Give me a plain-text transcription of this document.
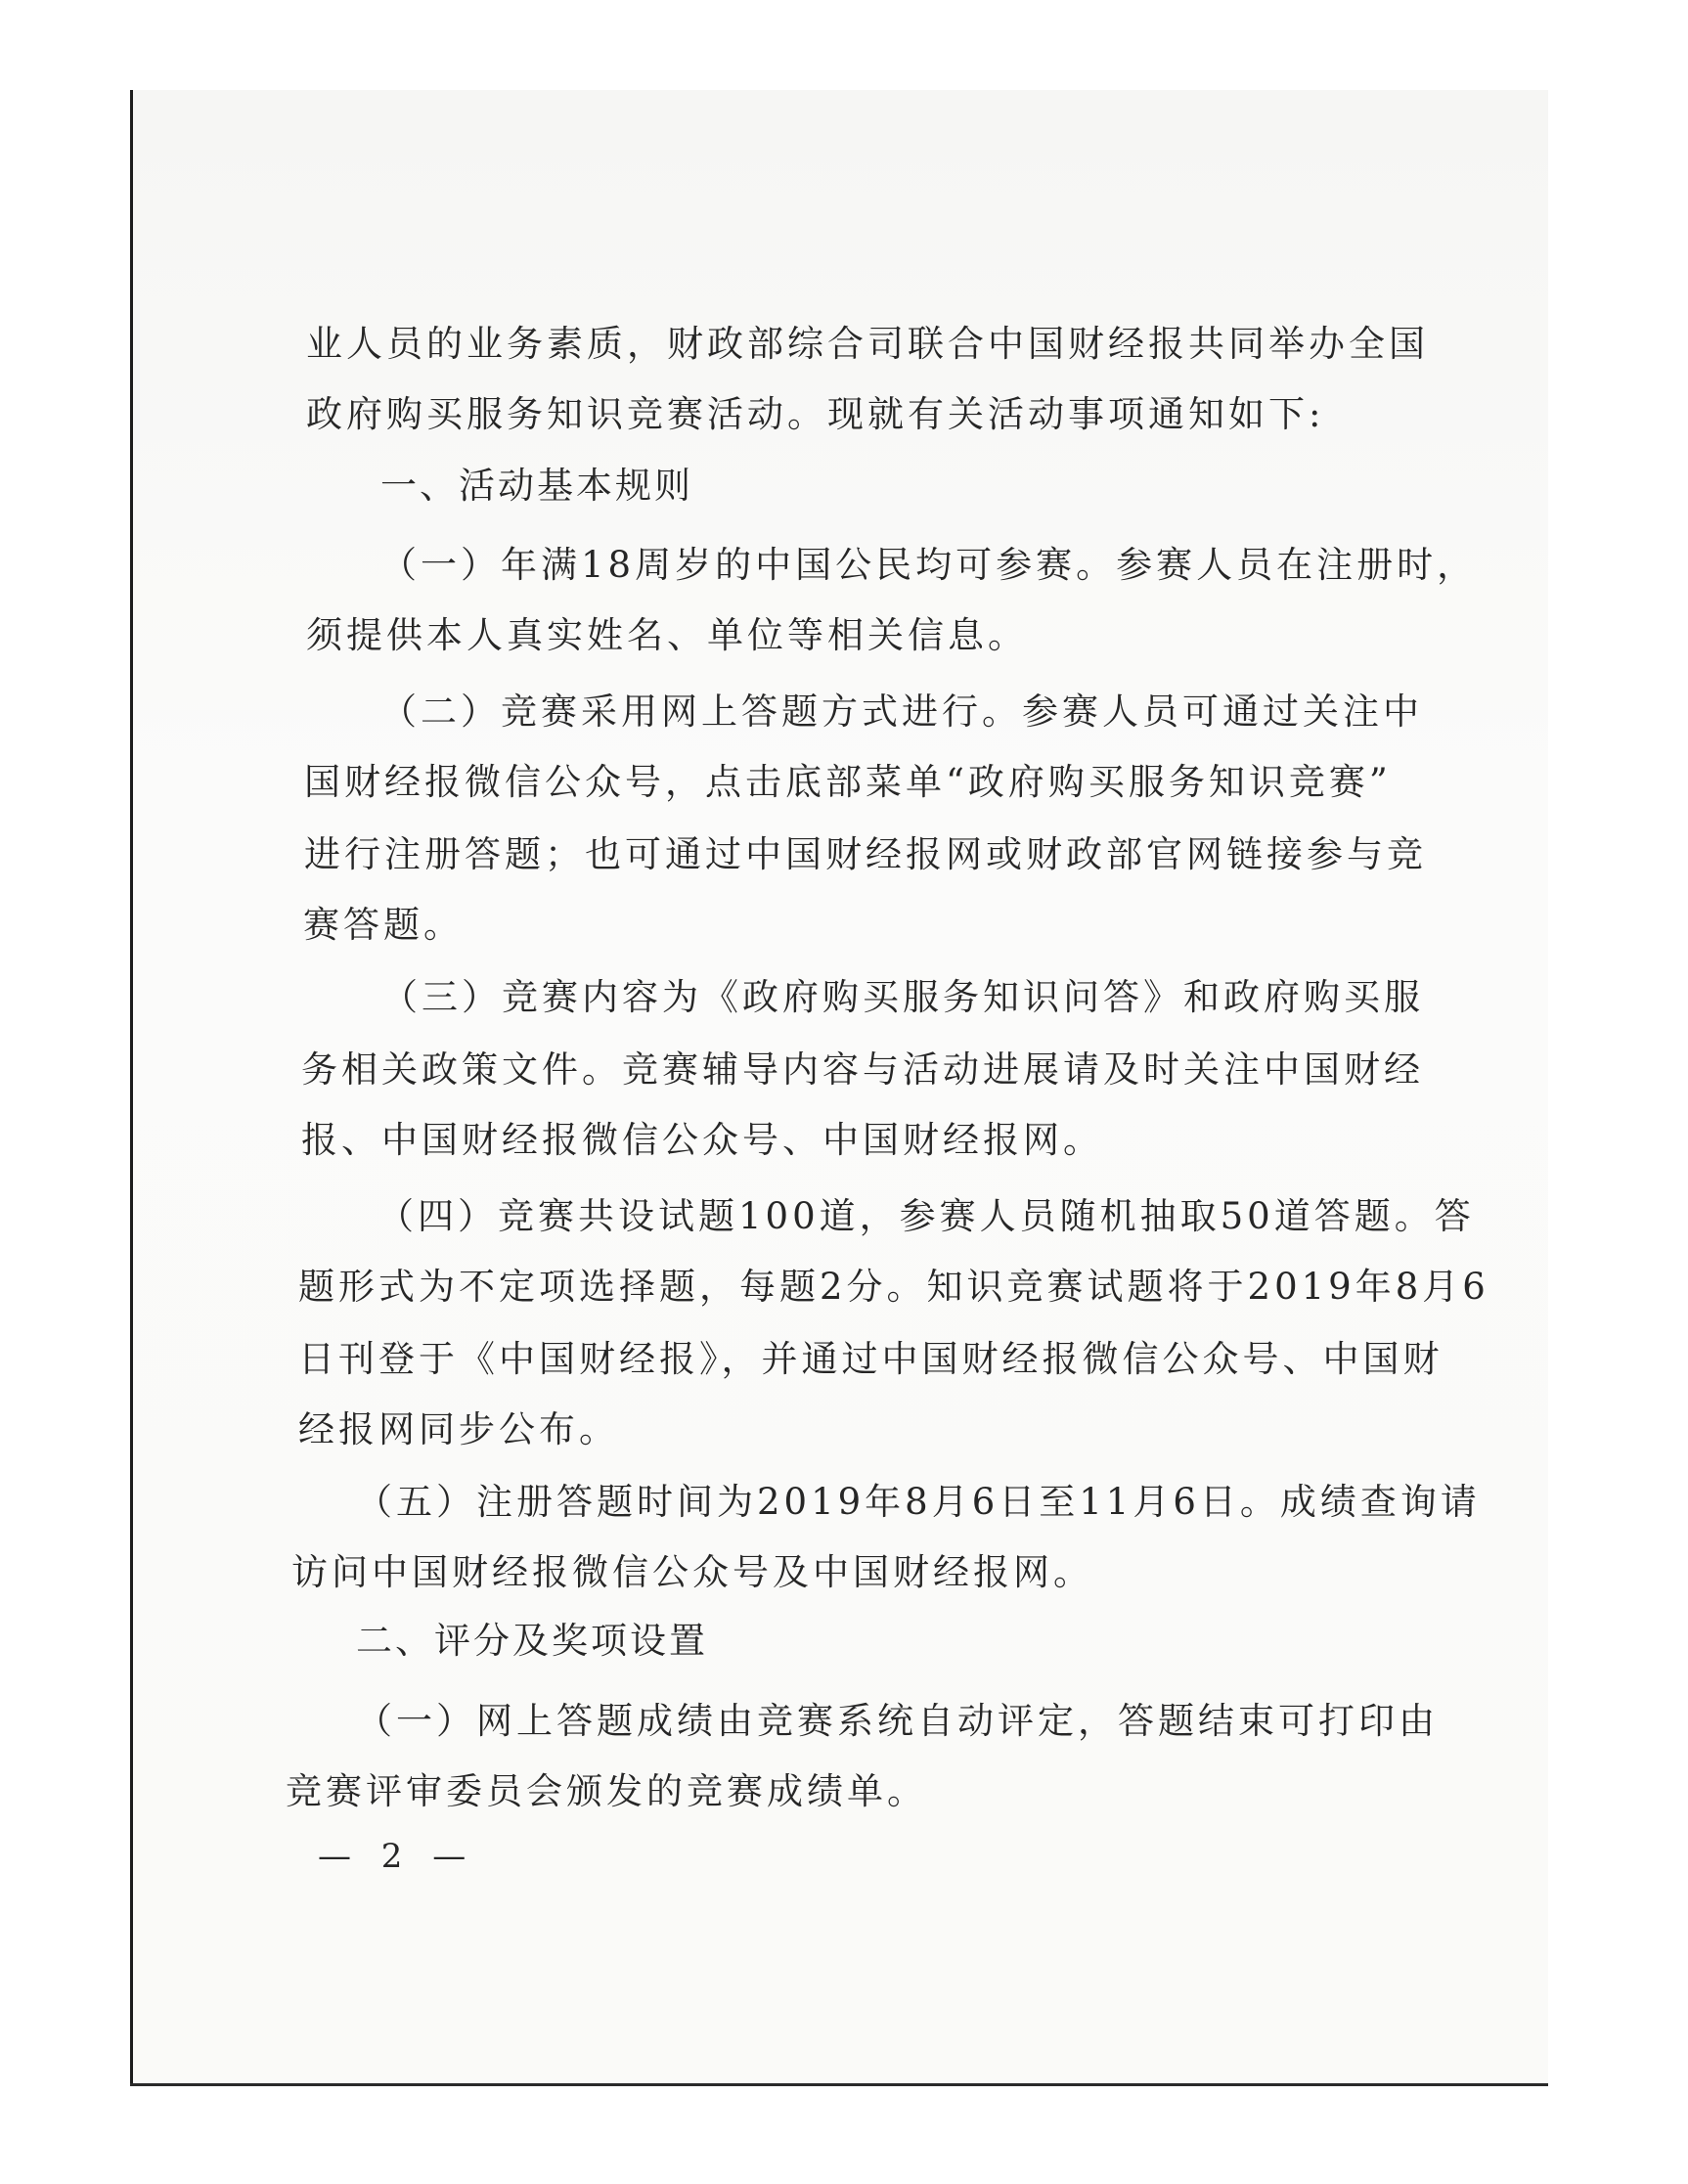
业人员的业务素质，财政部综合司联合中国财经报共同举办全国
政府购买服务知识竞赛活动。现就有关活动事项通知如下:
一、活动基本规则
（一）年满18周岁的中国公民均可参赛。参赛人员在注册时，
须提供本人真实姓名、单位等相关信息。
（二）竞赛采用网上答题方式进行。参赛人员可通过关注中
国财经报微信公众号，点击底部菜单“政府购买服务知识竞赛”
进行注册答题；也可通过中国财经报网或财政部官网链接参与竞
赛答题。
（三）竞赛内容为《政府购买服务知识问答》和政府购买服
务相关政策文件。竞赛辅导内容与活动进展请及时关注中国财经
报、中国财经报微信公众号、中国财经报网。
（四）竞赛共设试题100道，参赛人员随机抽取50道答题。答
题形式为不定项选择题，每题2分。知识竞赛试题将于2019年8月6
日刊登于《中国财经报》，并通过中国财经报微信公众号、中国财
经报网同步公布。
（五）注册答题时间为2019年8月6日至11月6日。成绩查询请
访问中国财经报微信公众号及中国财经报网。
二、评分及奖项设置
（一）网上答题成绩由竞赛系统自动评定，答题结束可打印由
竞赛评审委员会颁发的竞赛成绩单。
— 2 —
